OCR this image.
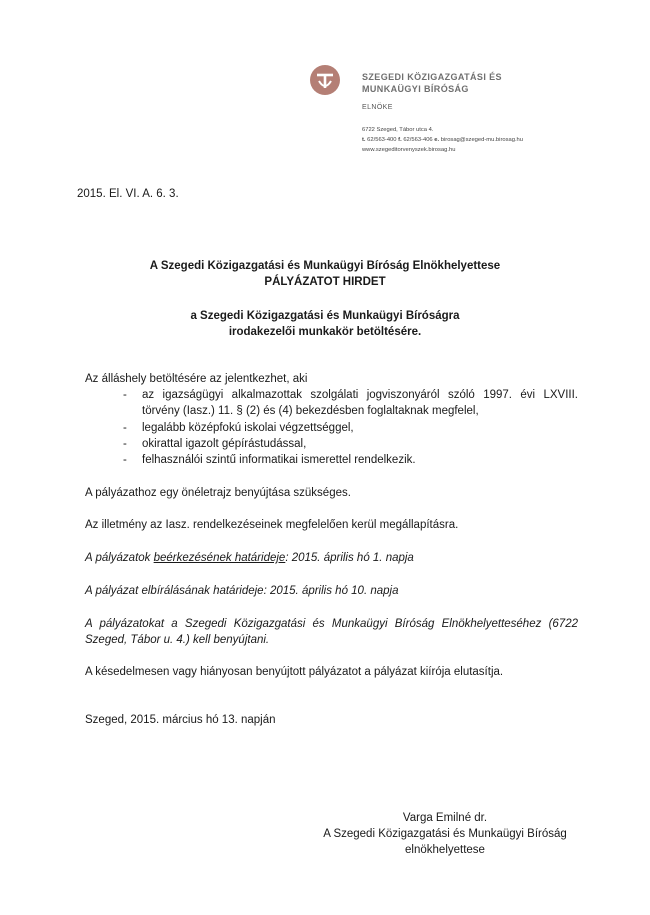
SZEGEDI KÖZIGAZGATÁSI ÉS
MUNKAÜGYI BÍRÓSÁG
ELNÖKE
6722 Szeged, Tábor utca 4.
t. 62/563-400 f. 62/563-406 e. birosag@szeged-mu.birosag.hu
www.szegeditorvenyszek.birosag.hu
2015. El. VI. A. 6. 3.
A Szegedi Közigazgatási és Munkaügyi Bíróság Elnökhelyettese
PÁLYÁZATOT HIRDET
a Szegedi Közigazgatási és Munkaügyi Bíróságra
irodakezelői munkakör betöltésére.
Az álláshely betöltésére az jelentkezhet, aki
- az igazságügyi alkalmazottak szolgálati jogviszonyáról szóló 1997. évi LXVIII.
törvény (Iasz.) 11. § (2) és (4) bekezdésben foglaltaknak megfelel,
- legalább középfokú iskolai végzettséggel,
- okirattal igazolt gépírástudással,
- felhasználói szintű informatikai ismerettel rendelkezik.
A pályázathoz egy önéletrajz benyújtása szükséges.
Az illetmény az Iasz. rendelkezéseinek megfelelően kerül megállapításra.
A pályázatok beérkezésének határideje: 2015. április hó 1. napja
A pályázat elbírálásának határideje: 2015. április hó 10. napja
A pályázatokat a Szegedi Közigazgatási és Munkaügyi Bíróság Elnökhelyetteséhez (6722
Szeged, Tábor u. 4.) kell benyújtani.
A késedelmesen vagy hiányosan benyújtott pályázatot a pályázat kiírója elutasítja.
Szeged, 2015. március hó 13. napján
Varga Emilné dr.
A Szegedi Közigazgatási és Munkaügyi Bíróság
elnökhelyettese
